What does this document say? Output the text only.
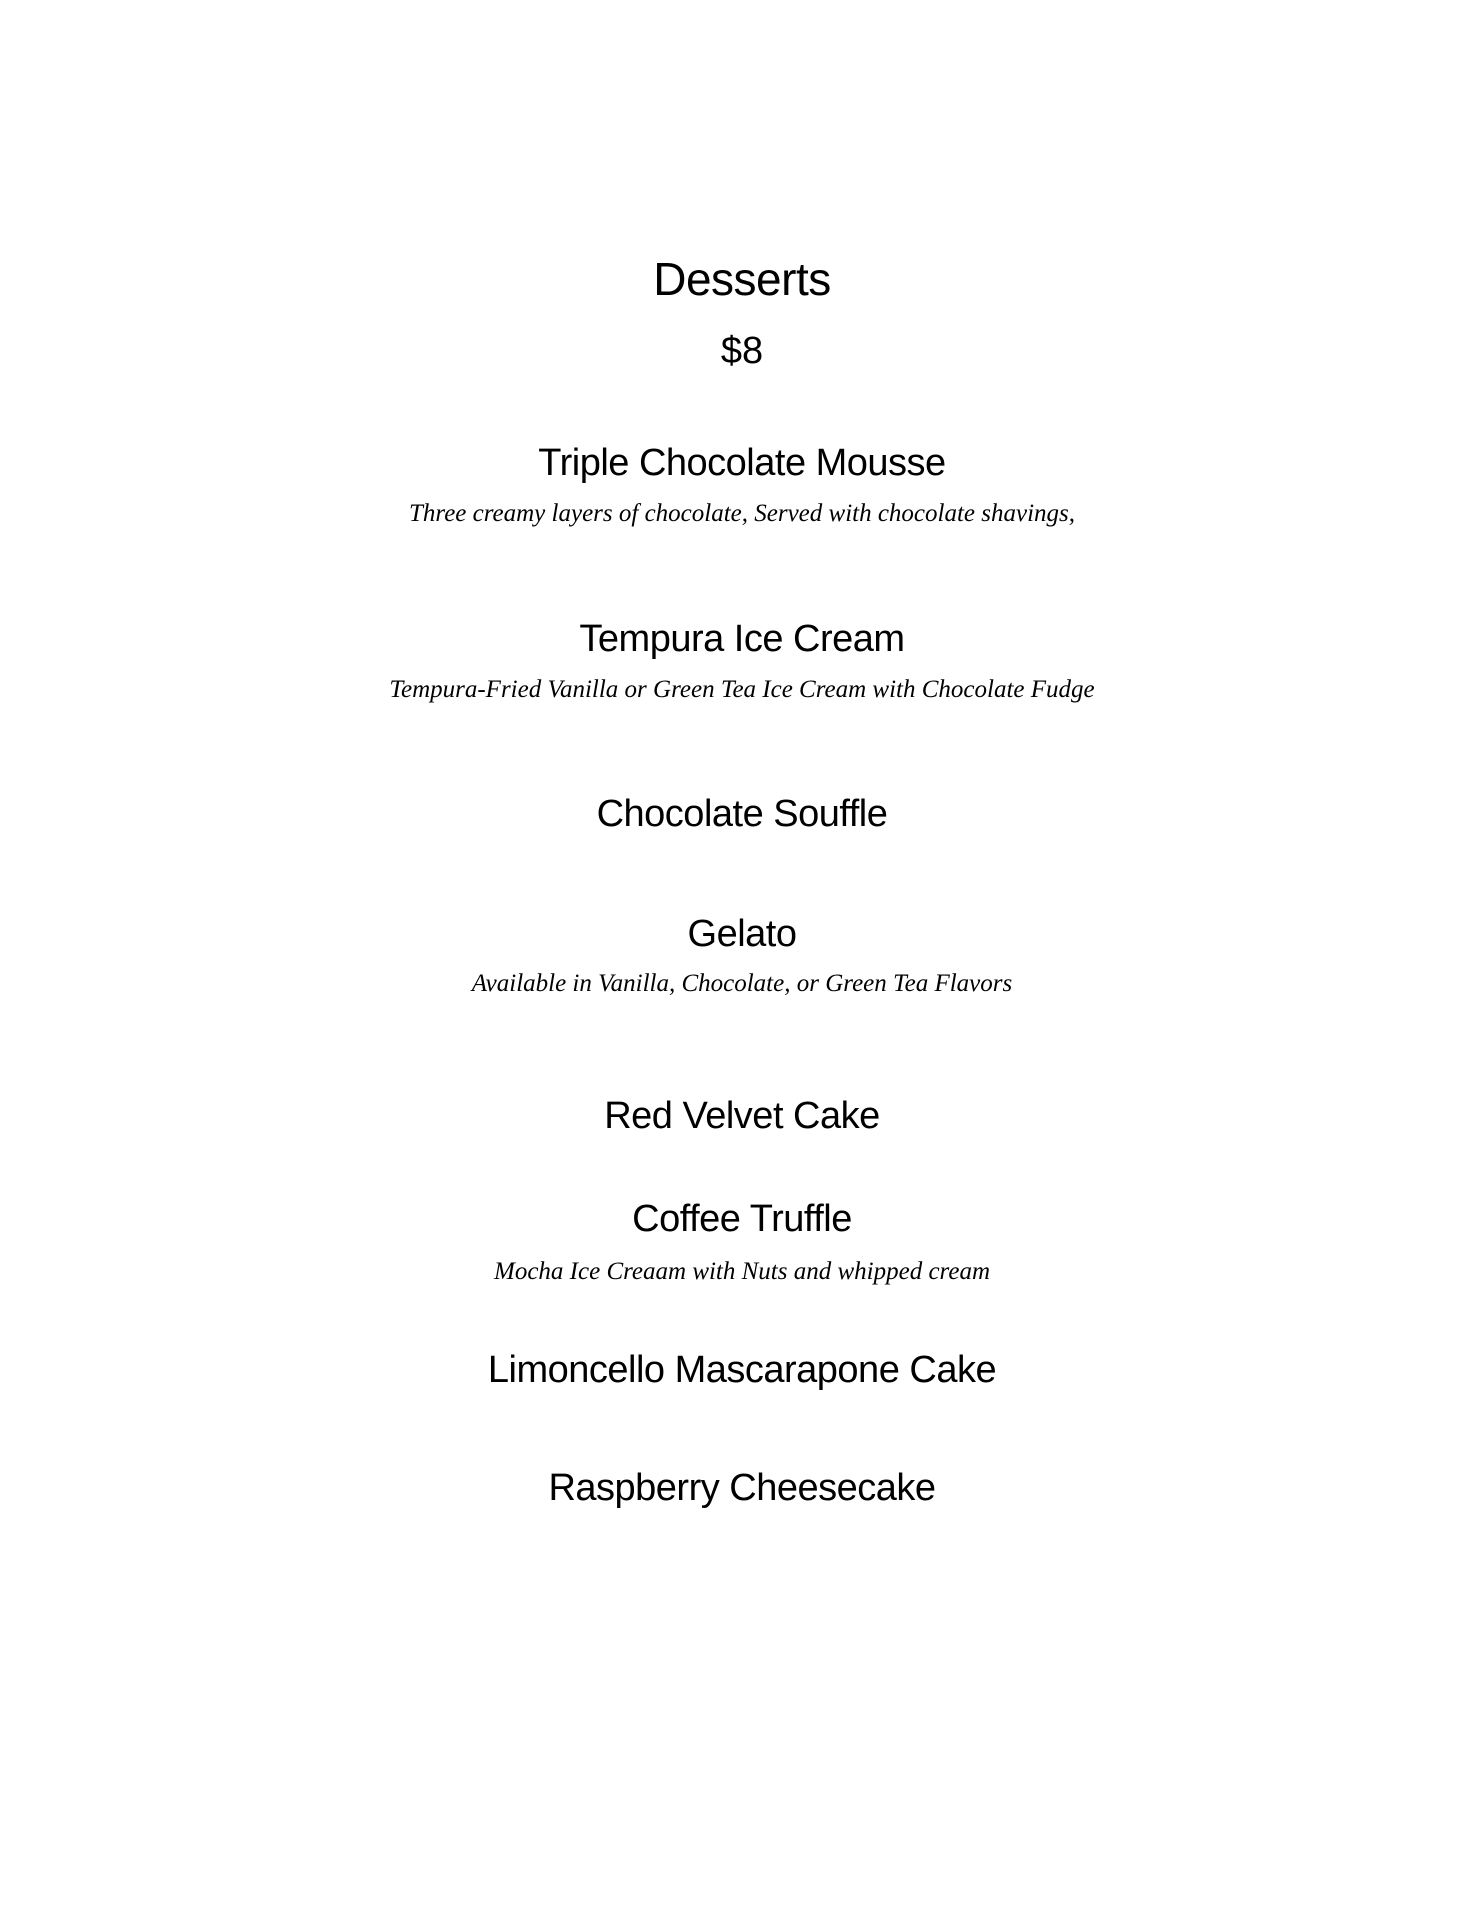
Desserts
$8
Triple Chocolate Mousse
Three creamy layers of chocolate, Served with chocolate shavings,
Tempura Ice Cream
Tempura-Fried Vanilla or Green Tea Ice Cream with Chocolate Fudge
Chocolate Souffle
Gelato
Available in Vanilla, Chocolate, or Green Tea Flavors
Red Velvet Cake
Coffee Truffle
Mocha Ice Creaam with Nuts and whipped cream
Limoncello Mascarapone Cake
Raspberry Cheesecake
